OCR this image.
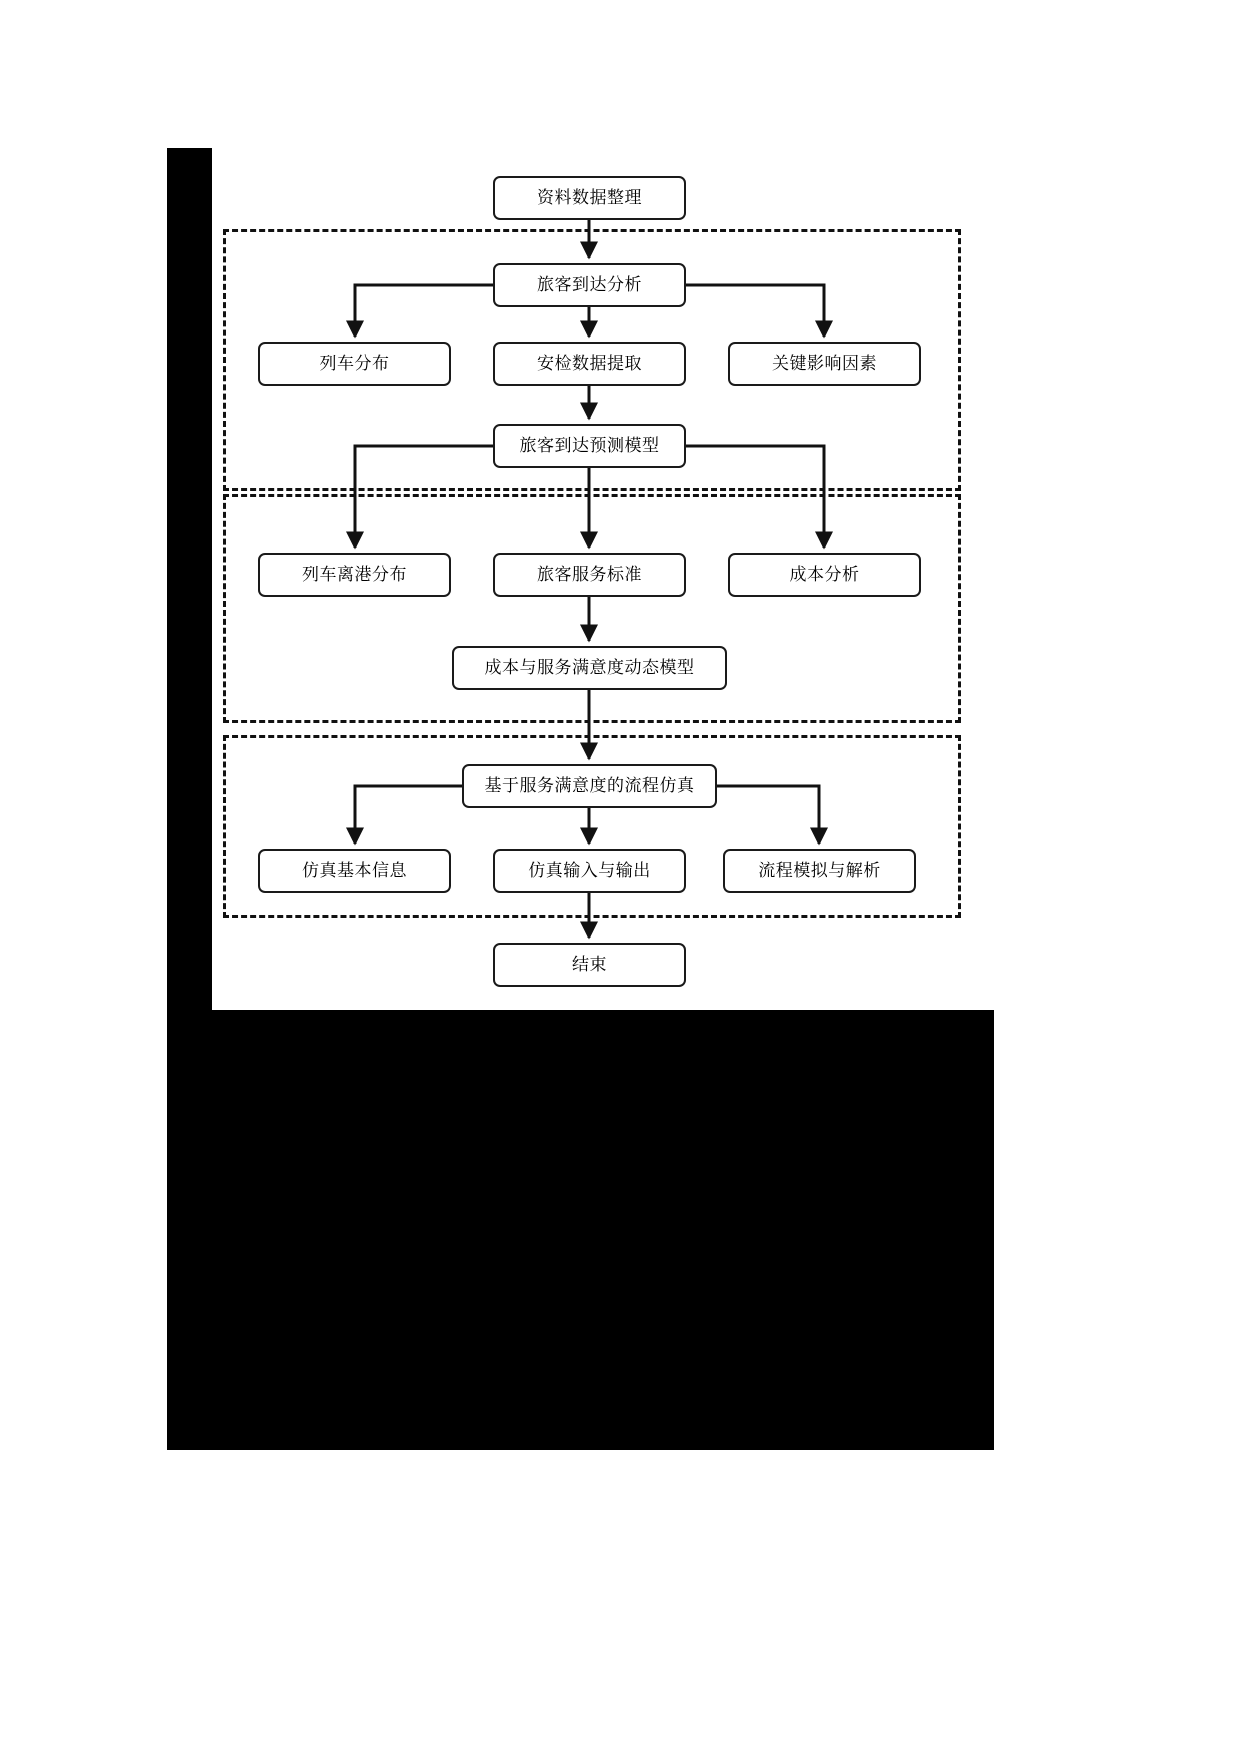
资料数据整理
旅客到达分析
列车分布	安检数据提取	关键影响因素
旅客到达预测模型
列车离港分布	旅客服务标准	成本分析
成本与服务满意度动态模型
基于服务满意度的流程仿真
仿真基本信息	仿真输入与输出	流程模拟与解析
结束
